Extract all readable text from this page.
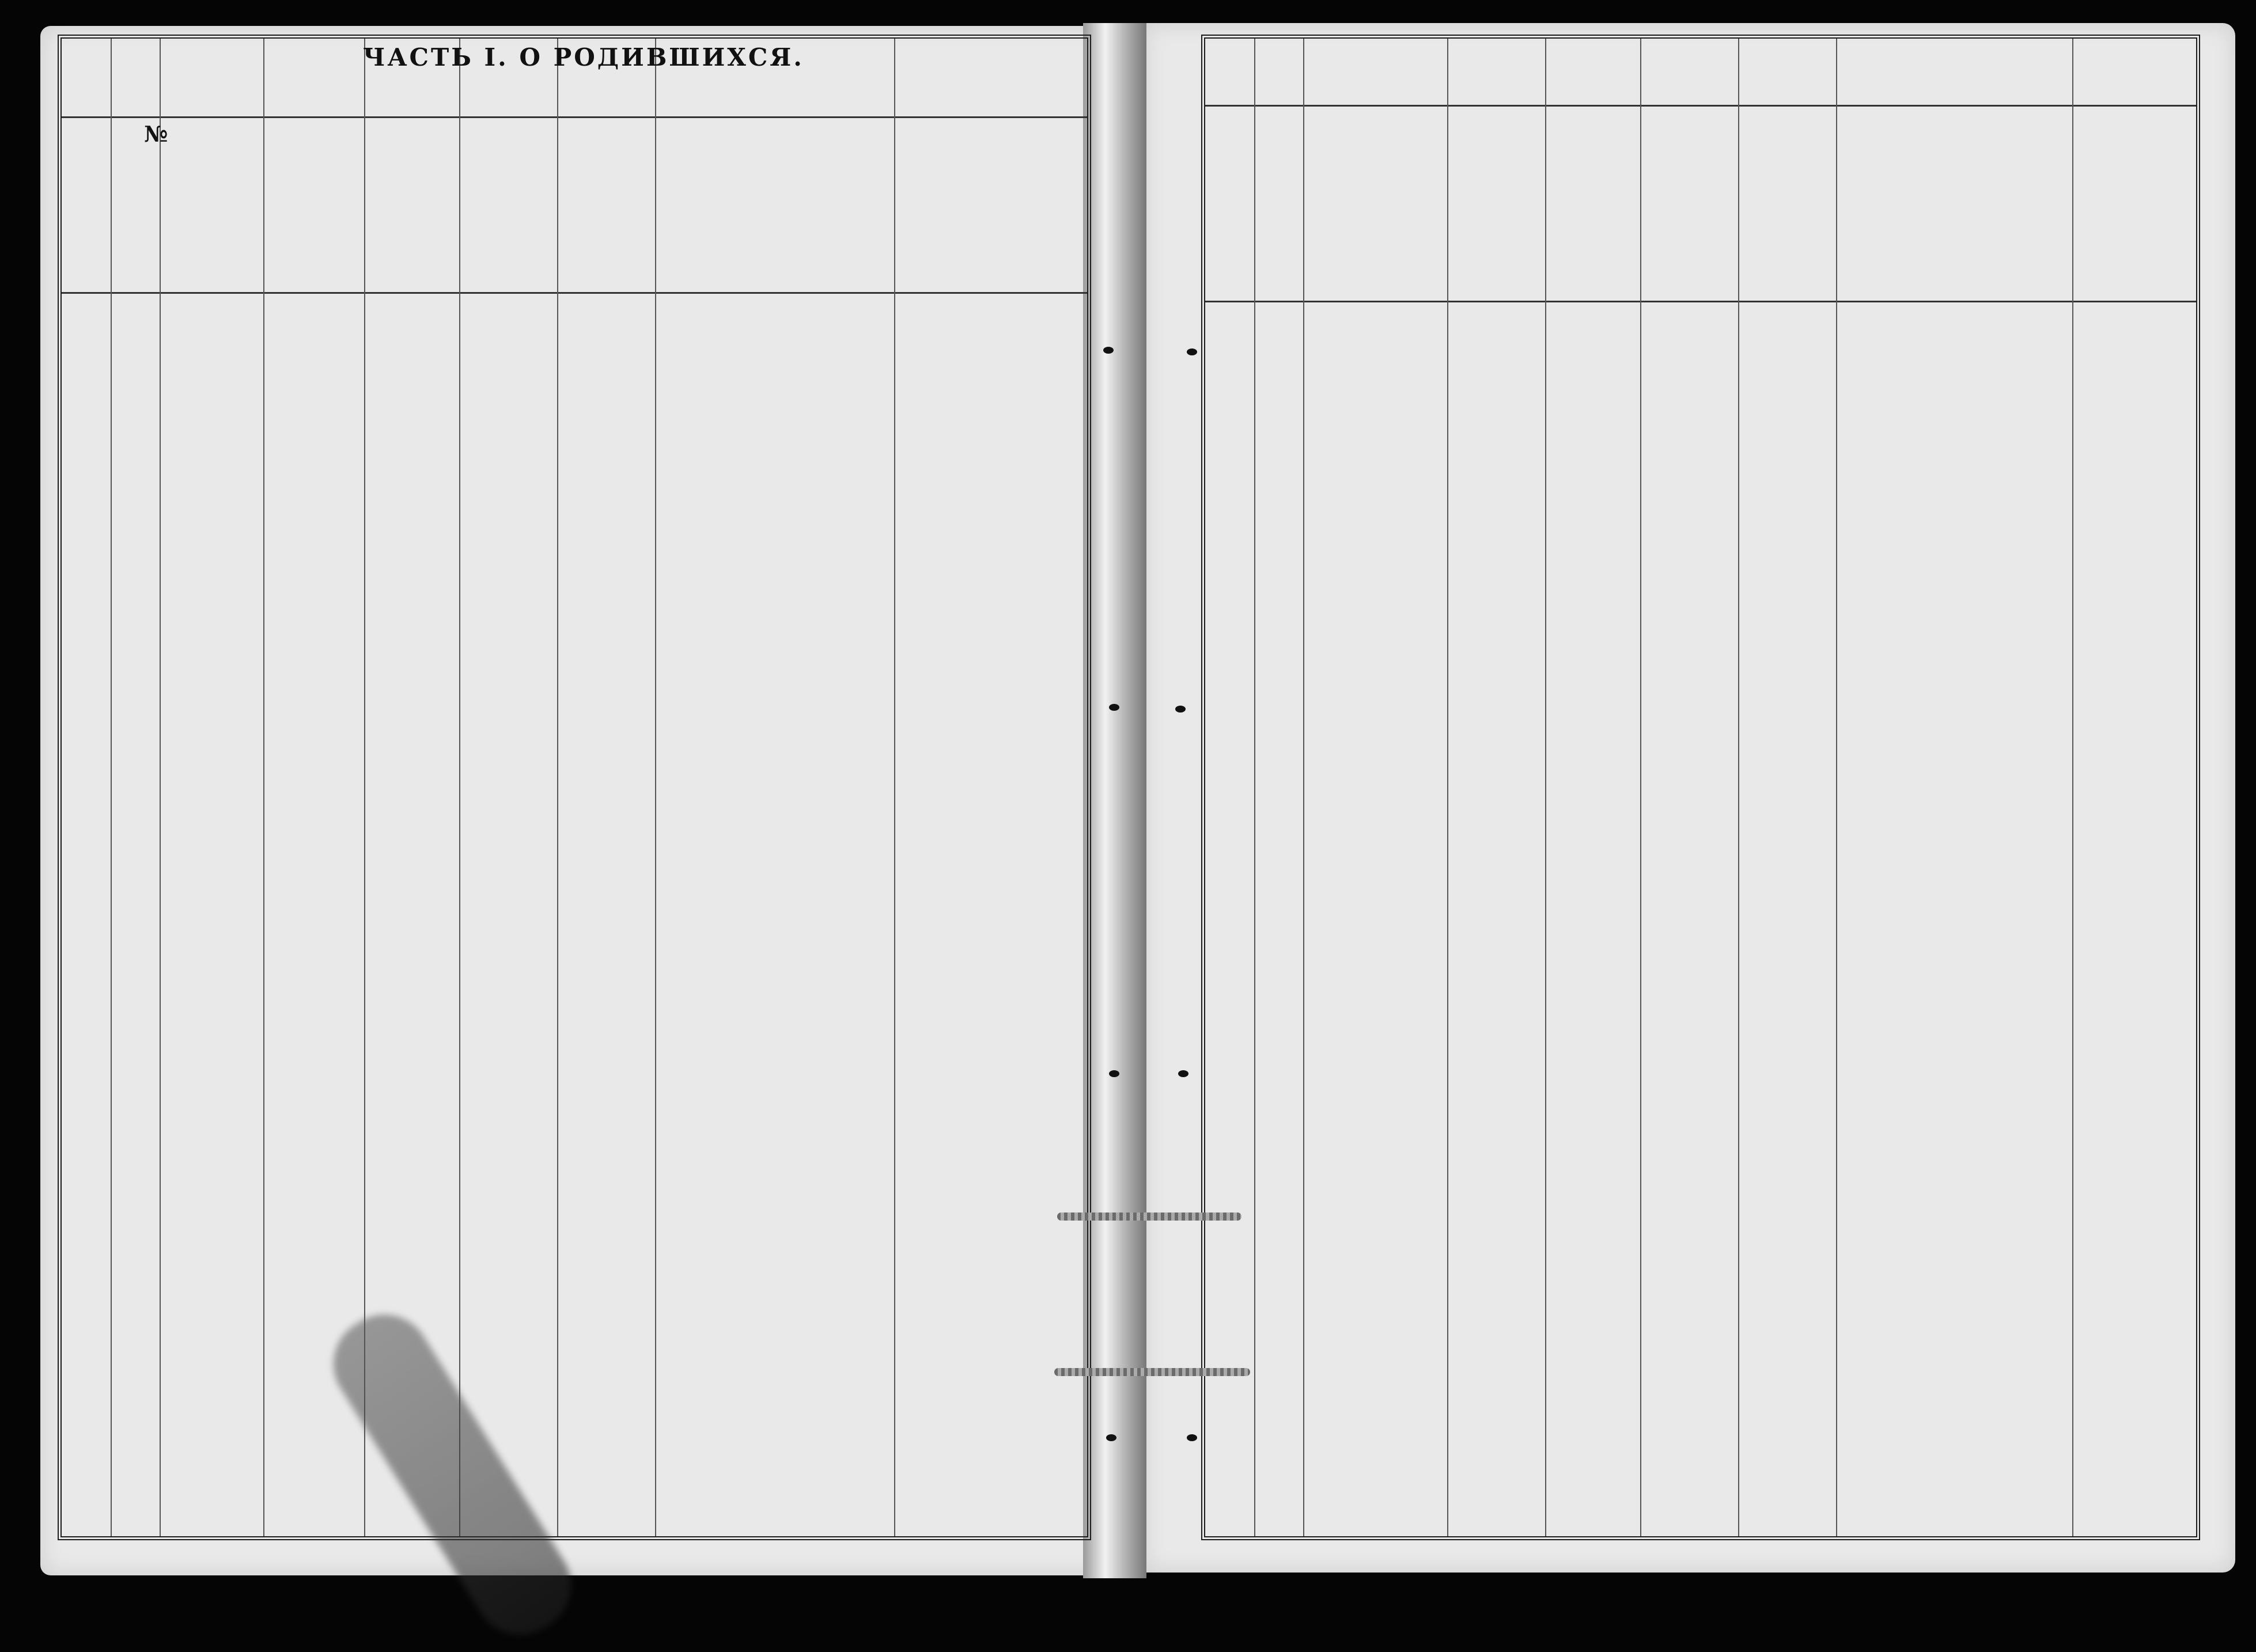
ЧАСТЬ I. О РОДИВШИХСЯ.
№
